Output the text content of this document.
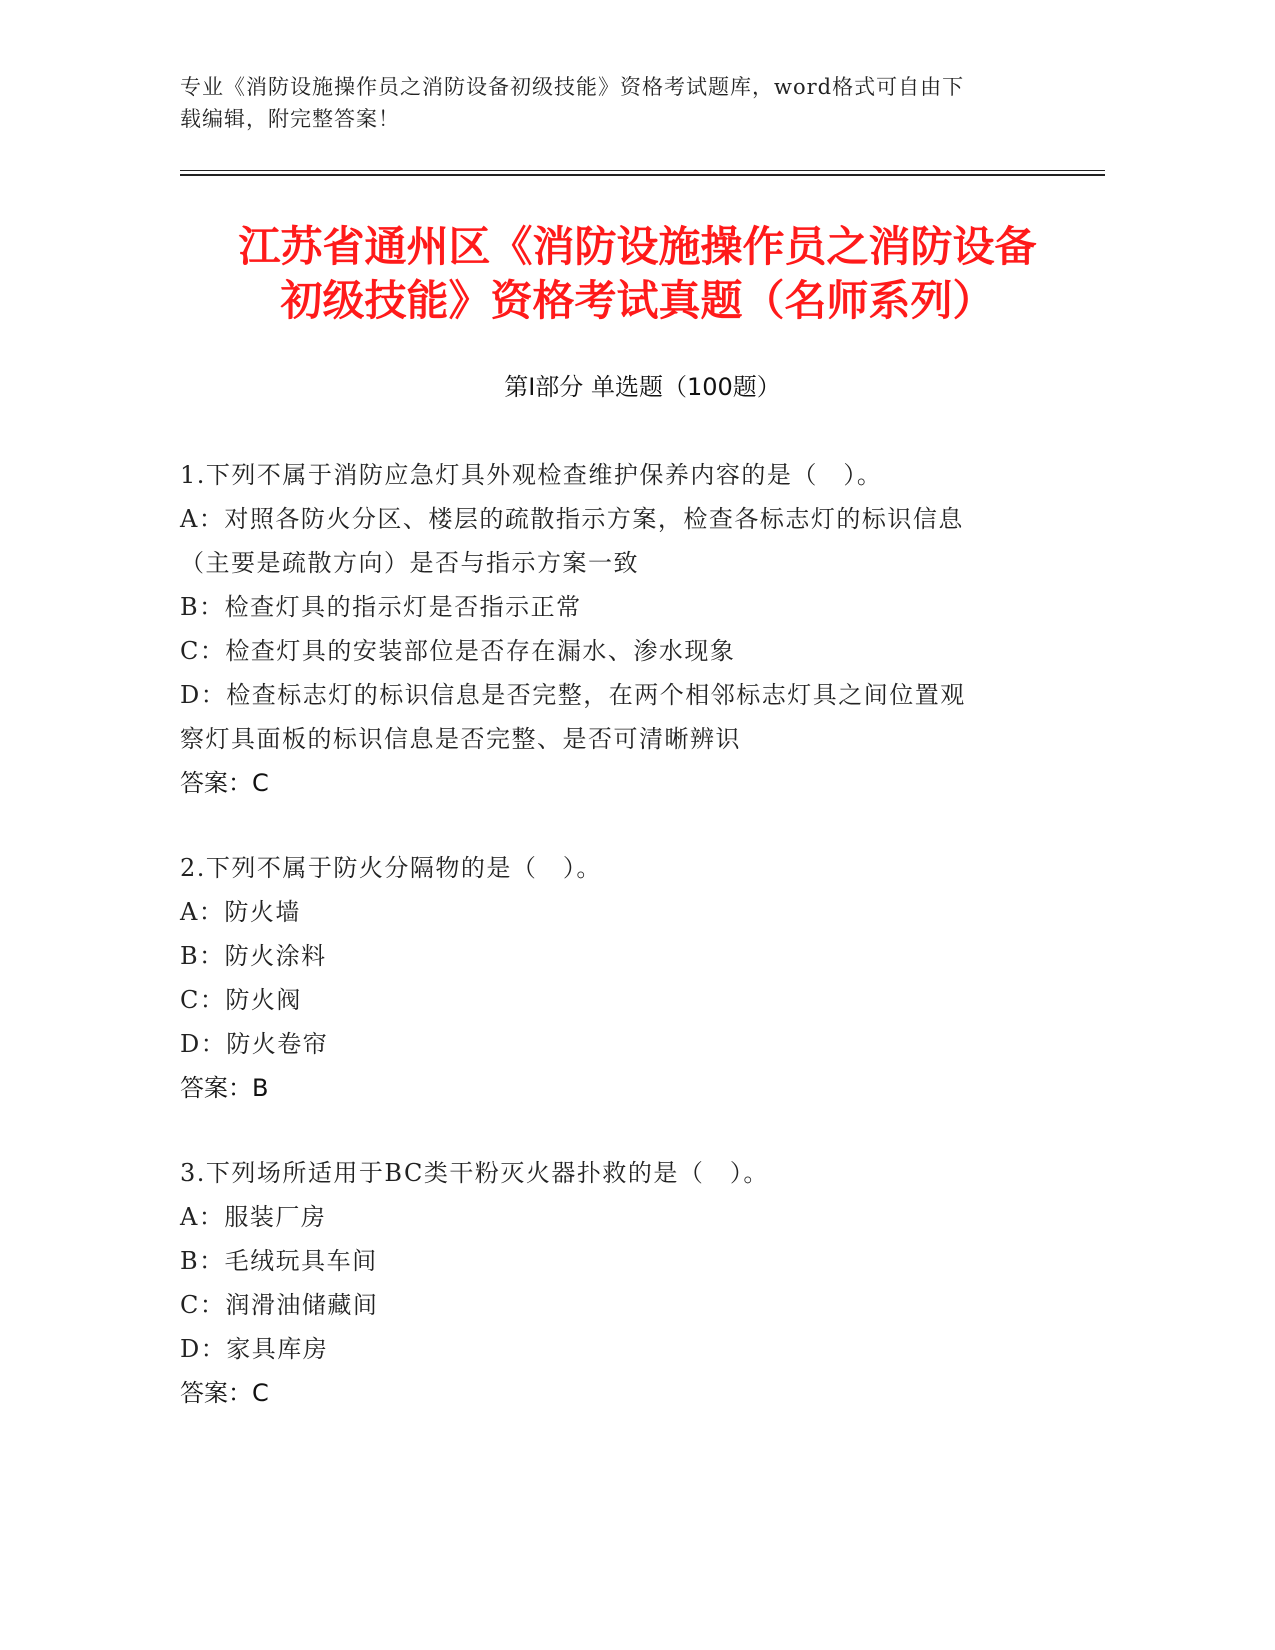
专业《消防设施操作员之消防设备初级技能》资格考试题库，word格式可自由下
载编辑，附完整答案！
江苏省通州区《消防设施操作员之消防设备
初级技能》资格考试真题（名师系列）
第Ⅰ部分 单选题（100题）
1.下列不属于消防应急灯具外观检查维护保养内容的是（　）。
A：对照各防火分区、楼层的疏散指示方案，检查各标志灯的标识信息
（主要是疏散方向）是否与指示方案一致
B：检查灯具的指示灯是否指示正常
C：检查灯具的安装部位是否存在漏水、渗水现象
D：检查标志灯的标识信息是否完整，在两个相邻标志灯具之间位置观
察灯具面板的标识信息是否完整、是否可清晰辨识
答案：C
2.下列不属于防火分隔物的是（　）。
A：防火墙
B：防火涂料
C：防火阀
D：防火卷帘
答案：B
3.下列场所适用于BC类干粉灭火器扑救的是（　）。
A：服装厂房
B：毛绒玩具车间
C：润滑油储藏间
D：家具库房
答案：C
